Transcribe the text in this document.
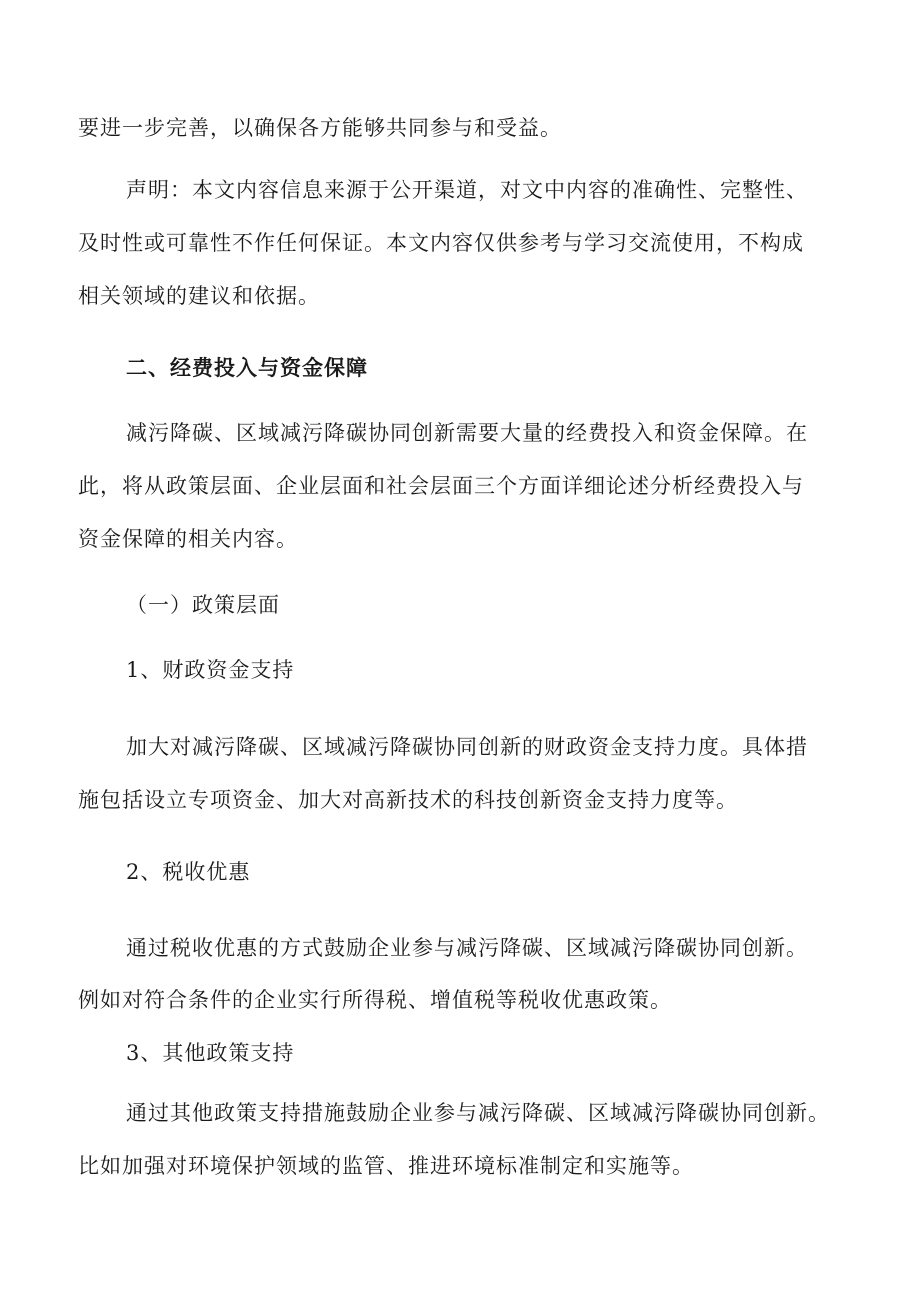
要进一步完善，以确保各方能够共同参与和受益。
声明：本文内容信息来源于公开渠道，对文中内容的准确性、完整性、
及时性或可靠性不作任何保证。本文内容仅供参考与学习交流使用，不构成
相关领域的建议和依据。
二、经费投入与资金保障
减污降碳、区域减污降碳协同创新需要大量的经费投入和资金保障。在
此，将从政策层面、企业层面和社会层面三个方面详细论述分析经费投入与
资金保障的相关内容。
（一）政策层面
1、财政资金支持
加大对减污降碳、区域减污降碳协同创新的财政资金支持力度。具体措
施包括设立专项资金、加大对高新技术的科技创新资金支持力度等。
2、税收优惠
通过税收优惠的方式鼓励企业参与减污降碳、区域减污降碳协同创新。
例如对符合条件的企业实行所得税、增值税等税收优惠政策。
3、其他政策支持
通过其他政策支持措施鼓励企业参与减污降碳、区域减污降碳协同创新。
比如加强对环境保护领域的监管、推进环境标准制定和实施等。
